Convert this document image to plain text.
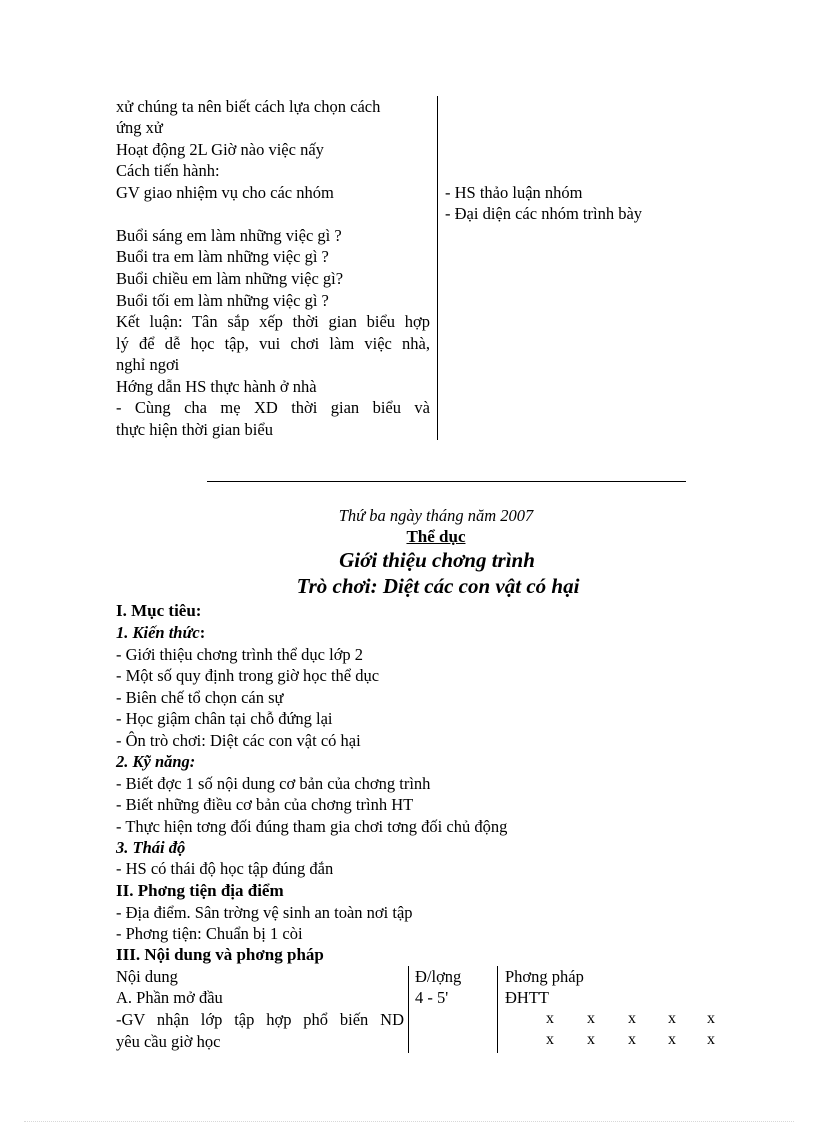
xử chúng ta nên biết cách lựa chọn cách
ứng xử
Hoạt động 2L Giờ nào việc nấy
Cách tiến hành:
GV giao nhiệm vụ cho các nhóm
Buổi sáng em làm những việc gì ?
Buổi tra em làm những việc gì ?
Buổi chiều em làm những việc gì?
Buổi tối em làm những việc gì ?
Kết luận: Tân sắp xếp thời gian biểu hợp
lý để dễ học tập, vui chơi làm việc nhà,
nghỉ ngơi
Hớng dẫn HS thực hành ở nhà
- Cùng cha mẹ XD thời gian biểu và
thực hiện thời gian biểu
- HS thảo luận nhóm
- Đại diện các nhóm trình bày
Thứ ba ngày tháng năm 2007
Thể dục
Giới thiệu chơng trình
Trò chơi: Diệt các con vật có hại
I. Mục tiêu:
1. Kiến thức:
- Giới thiệu chơng trình thể dục lớp 2
- Một số quy định trong giờ học thể dục
- Biên chế tổ chọn cán sự
- Học giậm chân tại chỗ đứng lại
- Ôn trò chơi: Diệt các con vật có hại
2. Kỹ năng:
- Biết đợc 1 số nội dung cơ bản của chơng trình
- Biết những điều cơ bản của chơng trình HT
- Thực hiện tơng đối đúng tham gia chơi tơng đối chủ động
3. Thái độ
- HS có thái độ học tập đúng đắn
II. Phơng tiện địa điểm
- Địa điểm. Sân trờng vệ sinh an toàn nơi tập
- Phơng tiện: Chuẩn bị 1 còi
III. Nội dung và phơng pháp
Nội dung	Đ/lợng	Phơng pháp
A. Phần mở đầu	4 - 5'	ĐHTT
-GV nhận lớp tập hợp phổ biến ND
yêu cầu giờ học
x x x x x
x x x x x
